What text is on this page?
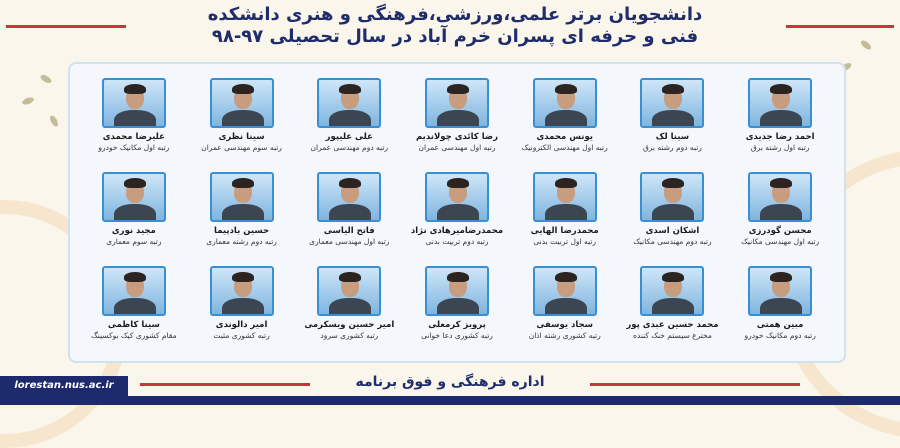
دانشجویان برتر علمی،ورزشی،فرهنگی و هنری دانشکده
فنی و حرفه ای پسران خرم آباد در سال تحصیلی ۹۷-۹۸
احمد رضا جدیدی
رتبه اول رشته برق
سینا لک
رتبه دوم رشته برق
یونس محمدی
رتبه اول مهندسی الکترونیک
رضا کائدی چولاندیم
رتبه اول مهندسی عمران
علی علیپور
رتبه دوم مهندسی عمران
سینا نظری
رتبه سوم مهندسی عمران
علیرضا محمدی
رتبه اول مکانیک خودرو
محسن گودرزی
رتبه اول مهندسی مکانیک
اشکان اسدی
رتبه دوم مهندسی مکانیک
محمدرضا الهایی
رتبه اول تربیت بدنی
محمدرضامیرهادی نژاد
رتبه دوم تربیت بدنی
فاتح الیاسی
رتبه اول مهندسی معماری
حسین بادپیما
رتبه دوم رشته معماری
مجید نوری
رتبه سوم معماری
مبین همتی
رتبه دوم مکانیک خودرو
محمد حسین عبدی پور
مخترع سیستم خنک کننده
سجاد یوسفی
رتبه کشوری رشته اذان
پرویز کرمعلی
رتبه کشوری دعا خوانی
امیر حسین ویسکرمی
رتبه کشوری سرود
امیر دالوندی
رتبه کشوری مثبت
سینا کاظمی
مقام کشوری کیک بوکسینگ
اداره فرهنگی و فوق برنامه
lorestan.nus.ac.ir
